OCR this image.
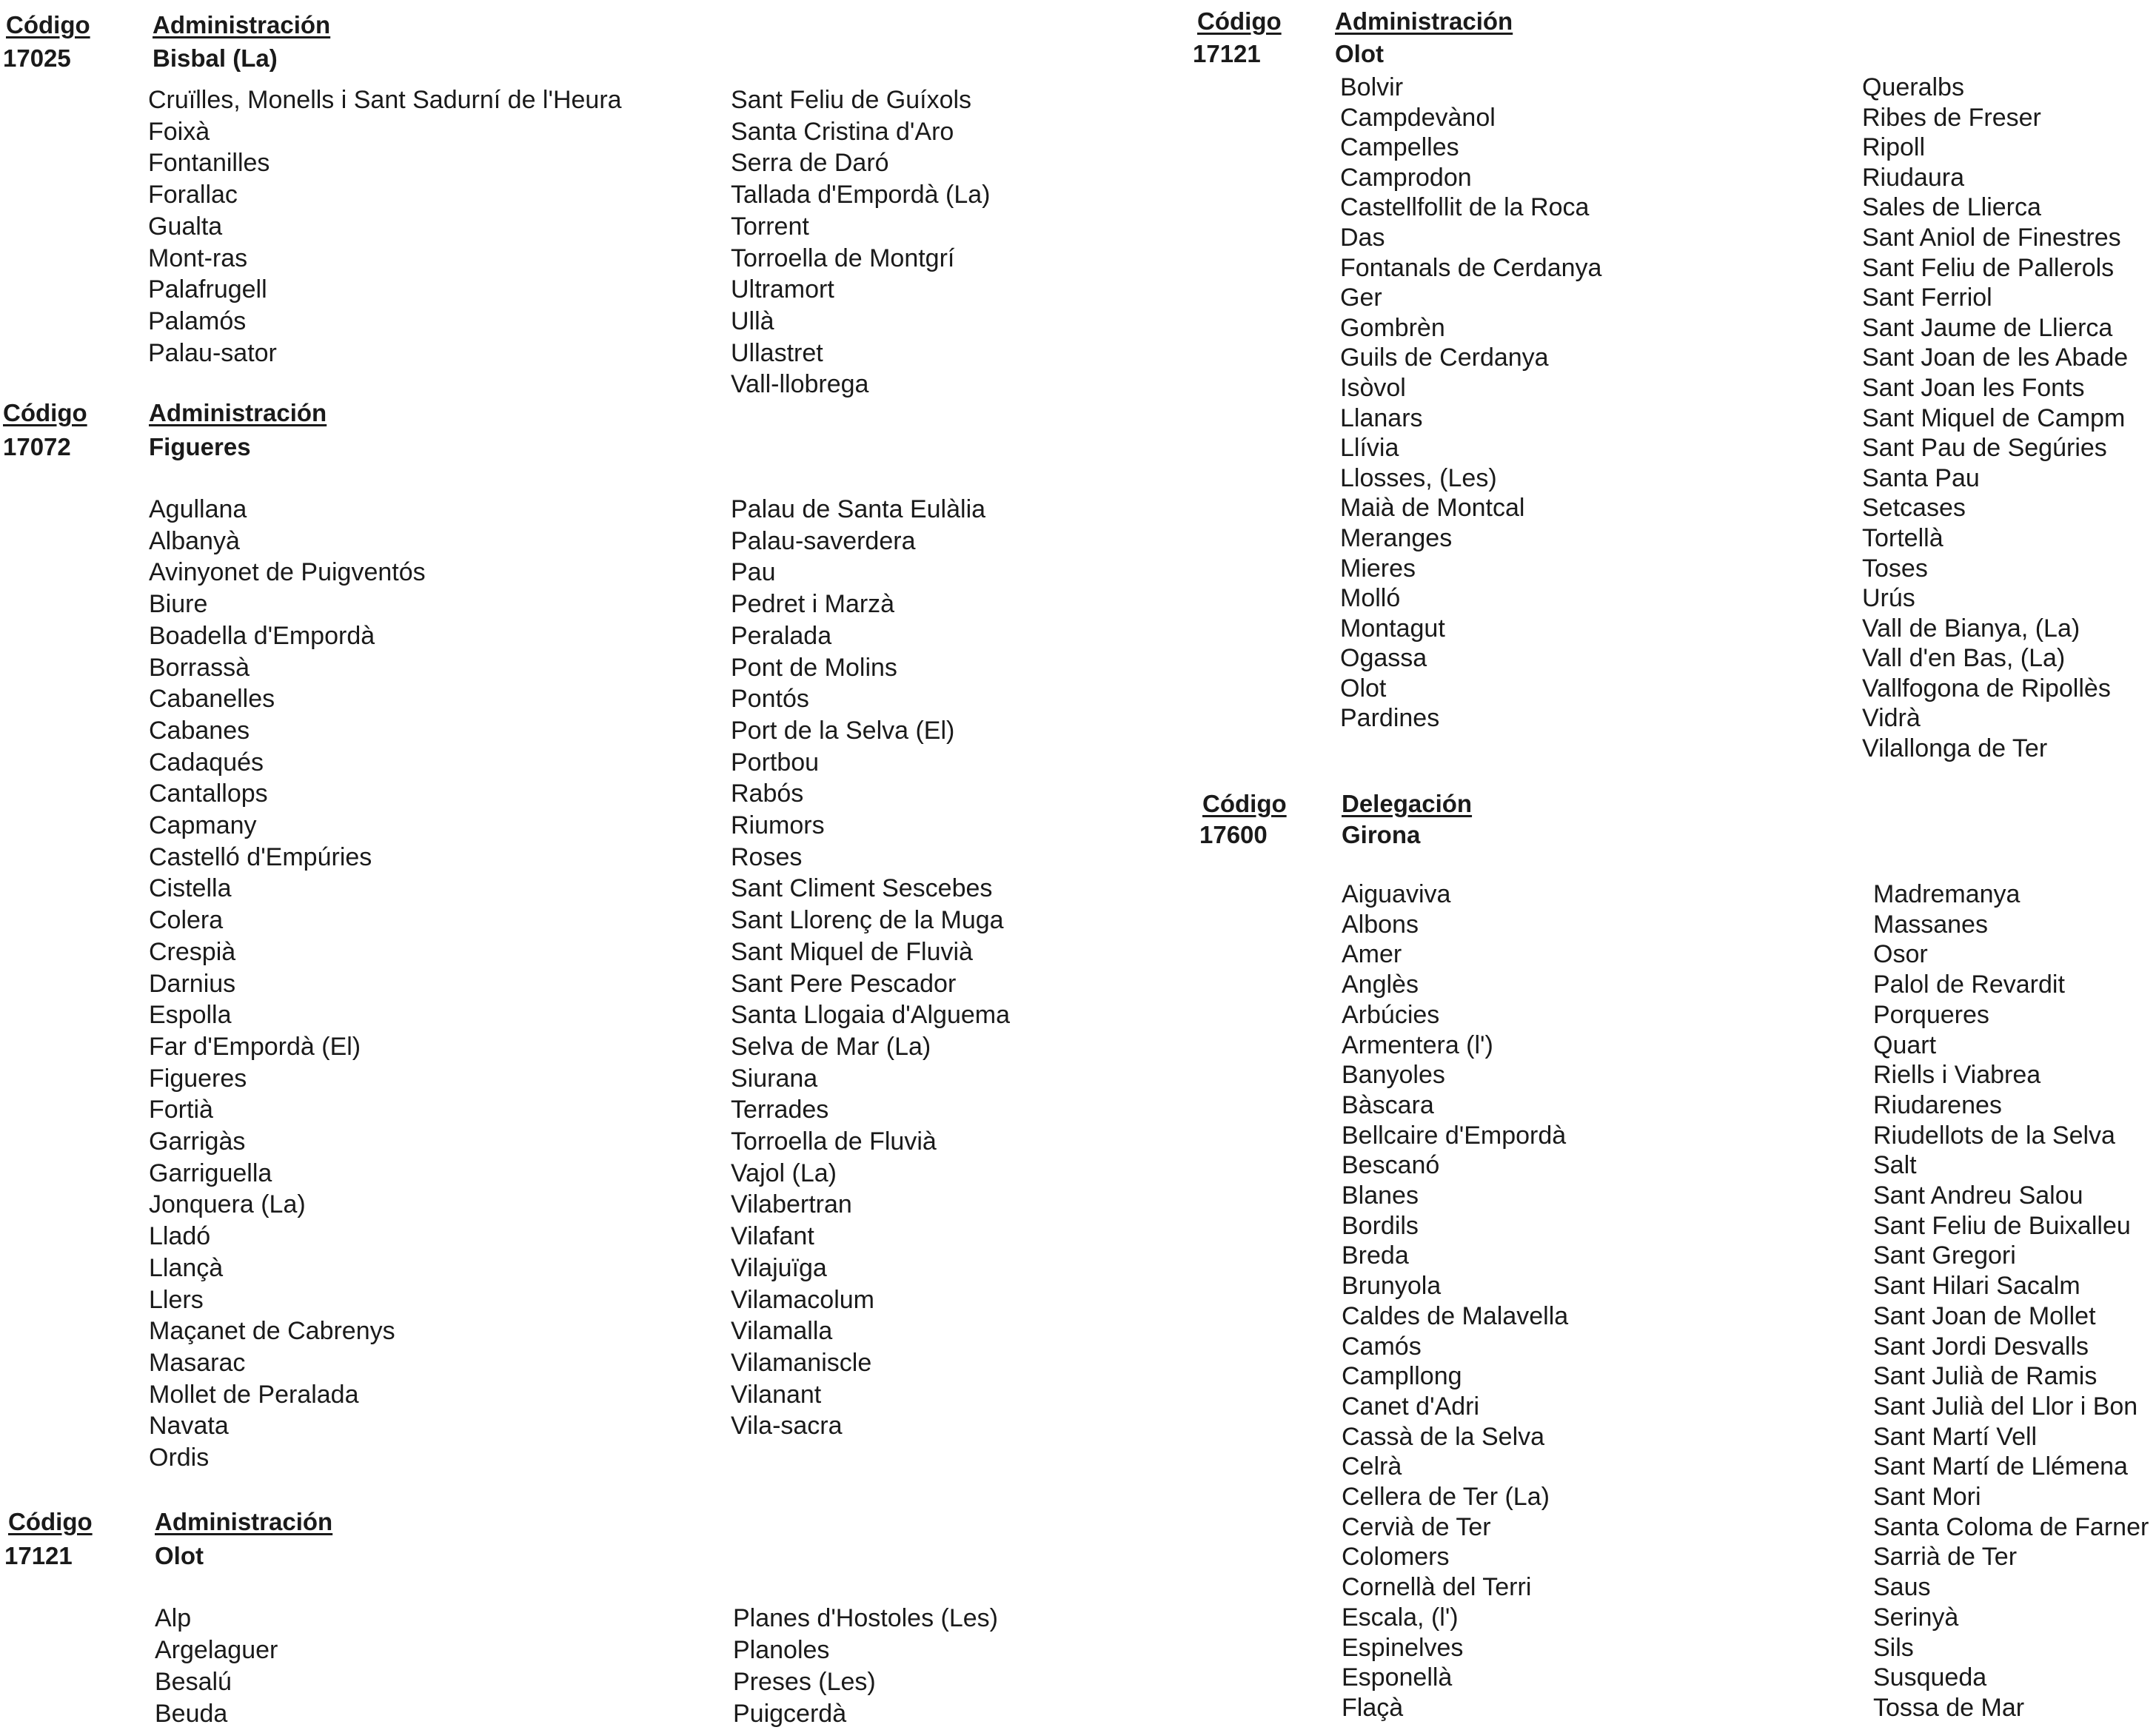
Código	Administración
17025	Bisbal (La)
Cruïlles, Monells i Sant Sadurní de l'Heura
Foixà
Fontanilles
Forallac
Gualta
Mont-ras
Palafrugell
Palamós
Palau-sator
Sant Feliu de Guíxols
Santa Cristina d'Aro
Serra de Daró
Tallada d'Empordà (La)
Torrent
Torroella de Montgrí
Ultramort
Ullà
Ullastret
Vall-llobrega
Código	Administración
17072	Figueres
Agullana
Albanyà
Avinyonet de Puigventós
Biure
Boadella d'Empordà
Borrassà
Cabanelles
Cabanes
Cadaqués
Cantallops
Capmany
Castelló d'Empúries
Cistella
Colera
Crespià
Darnius
Espolla
Far d'Empordà (El)
Figueres
Fortià
Garrigàs
Garriguella
Jonquera (La)
Lladó
Llançà
Llers
Maçanet de Cabrenys
Masarac
Mollet de Peralada
Navata
Ordis
Palau de Santa Eulàlia
Palau-saverdera
Pau
Pedret i Marzà
Peralada
Pont de Molins
Pontós
Port de la Selva (El)
Portbou
Rabós
Riumors
Roses
Sant Climent Sescebes
Sant Llorenç de la Muga
Sant Miquel de Fluvià
Sant Pere Pescador
Santa Llogaia d'Alguema
Selva de Mar (La)
Siurana
Terrades
Torroella de Fluvià
Vajol (La)
Vilabertran
Vilafant
Vilajuïga
Vilamacolum
Vilamalla
Vilamaniscle
Vilanant
Vila-sacra
Código	Administración
17121	Olot
Alp
Argelaguer
Besalú
Beuda
Planes d'Hostoles (Les)
Planoles
Preses (Les)
Puigcerdà
Código Administración
17121	Olot
Bolvir
Campdevànol
Campelles
Camprodon
Castellfollit de la Roca
Das
Fontanals de Cerdanya
Ger
Gombrèn
Guils de Cerdanya
Isòvol
Llanars
Llívia
Llosses, (Les)
Maià de Montcal
Meranges
Mieres
Molló
Montagut
Ogassa
Olot
Pardines
Queralbs
Ribes de Freser
Ripoll
Riudaura
Sales de Llierca
Sant Aniol de Finestres
Sant Feliu de Pallerols
Sant Ferriol
Sant Jaume de Llierca
Sant Joan de les Abade
Sant Joan les Fonts
Sant Miquel de Campm
Sant Pau de Segúries
Santa Pau
Setcases
Tortellà
Toses
Urús
Vall de Bianya, (La)
Vall d'en Bas, (La)
Vallfogona de Ripollès
Vidrà
Vilallonga de Ter
Código Delegación
17600	Girona
Aiguaviva
Albons
Amer
Anglès
Arbúcies
Armentera (l')
Banyoles
Bàscara
Bellcaire d'Empordà
Bescanó
Blanes
Bordils
Breda
Brunyola
Caldes de Malavella
Camós
Campllong
Canet d'Adri
Cassà de la Selva
Celrà
Cellera de Ter (La)
Cervià de Ter
Colomers
Cornellà del Terri
Escala, (l')
Espinelves
Esponellà
Flaçà
Madremanya
Massanes
Osor
Palol de Revardit
Porqueres
Quart
Riells i Viabrea
Riudarenes
Riudellots de la Selva
Salt
Sant Andreu Salou
Sant Feliu de Buixalleu
Sant Gregori
Sant Hilari Sacalm
Sant Joan de Mollet
Sant Jordi Desvalls
Sant Julià de Ramis
Sant Julià del Llor i Bon
Sant Martí Vell
Sant Martí de Llémena
Sant Mori
Santa Coloma de Farner
Sarrià de Ter
Saus
Serinyà
Sils
Susqueda
Tossa de Mar
